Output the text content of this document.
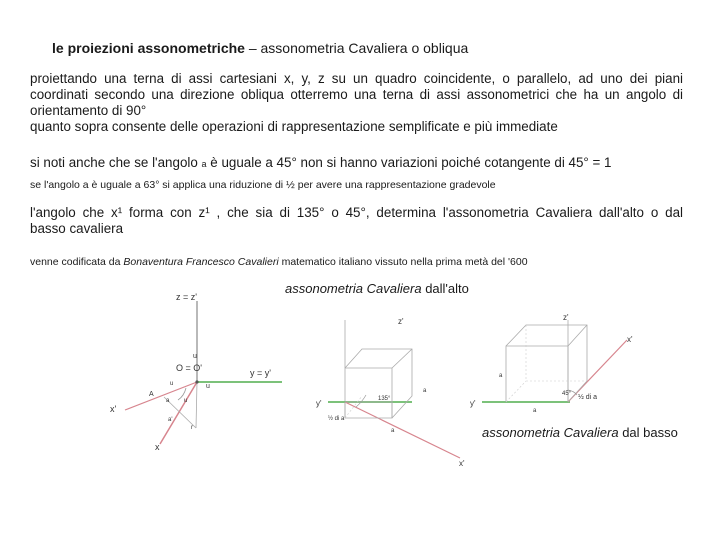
le proiezioni assonometriche – assonometria Cavaliera o obliqua
proiettando una terna di assi cartesiani x, y, z su un quadro coincidente, o parallelo, ad uno dei piani
coordinati secondo una direzione obliqua otterremo una terna di assi assonometrici che ha un angolo di
orientamento di 90°
quanto sopra consente delle operazioni di rappresentazione semplificate e più immediate
si noti anche che se l'angolo a è uguale a 45° non si hanno variazioni poiché cotangente di 45° = 1
se l'angolo a è uguale a 63° si applica una riduzione di ½ per avere una rappresentazione gradevole
l'angolo che x¹ forma con z¹ , che sia di 135° o 45°, determina l'assonometria Cavaliera dall'alto o dal
basso cavaliera
venne codificata da Bonaventura Francesco Cavalieri matematico italiano vissuto nella prima metà del '600
assonometria Cavaliera dall'alto
assonometria Cavaliera dal basso
z = z'
y = y'
O = O'
x'
x
u
u
u
A
a
r
u
a'
z'
y'
x'
135°
½ di a
a
a
z'
y'
x'
45° ½ di a
a
a
